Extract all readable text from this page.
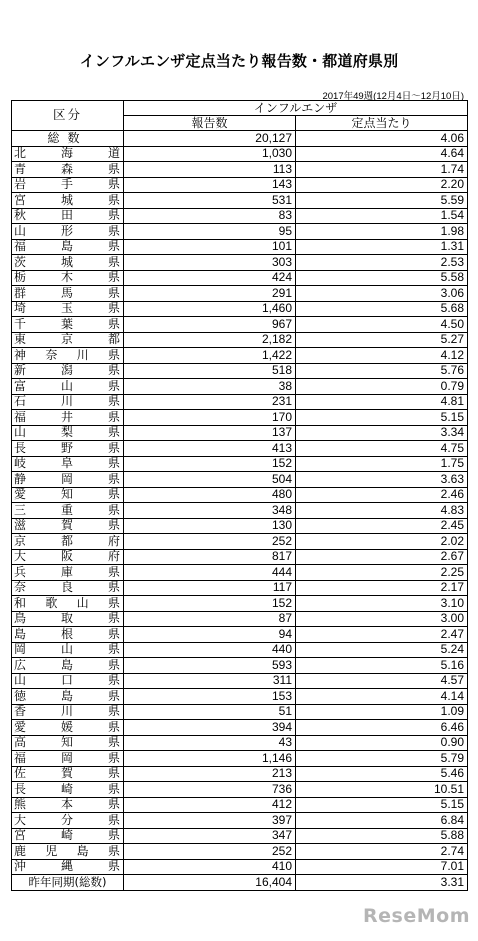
インフルエンザ定点当たり報告数・都道府県別
2017年49週(12月4日～12月10日)
区分	インフルエンザ	
	報告数	定点当たり
総数	20,127	4.06
北海道	1,030	4.64
青森県	113	1.74
岩手県	143	2.20
宮城県	531	5.59
秋田県	83	1.54
山形県	95	1.98
福島県	101	1.31
茨城県	303	2.53
栃木県	424	5.58
群馬県	291	3.06
埼玉県	1,460	5.68
千葉県	967	4.50
東京都	2,182	5.27
神奈川県	1,422	4.12
新潟県	518	5.76
富山県	38	0.79
石川県	231	4.81
福井県	170	5.15
山梨県	137	3.34
長野県	413	4.75
岐阜県	152	1.75
静岡県	504	3.63
愛知県	480	2.46
三重県	348	4.83
滋賀県	130	2.45
京都府	252	2.02
大阪府	817	2.67
兵庫県	444	2.25
奈良県	117	2.17
和歌山県	152	3.10
鳥取県	87	3.00
島根県	94	2.47
岡山県	440	5.24
広島県	593	5.16
山口県	311	4.57
徳島県	153	4.14
香川県	51	1.09
愛媛県	394	6.46
高知県	43	0.90
福岡県	1,146	5.79
佐賀県	213	5.46
長崎県	736	10.51
熊本県	412	5.15
大分県	397	6.84
宮崎県	347	5.88
鹿児島県	252	2.74
沖縄県	410	7.01
昨年同期(総数)	16,404	3.31
ReseMom
